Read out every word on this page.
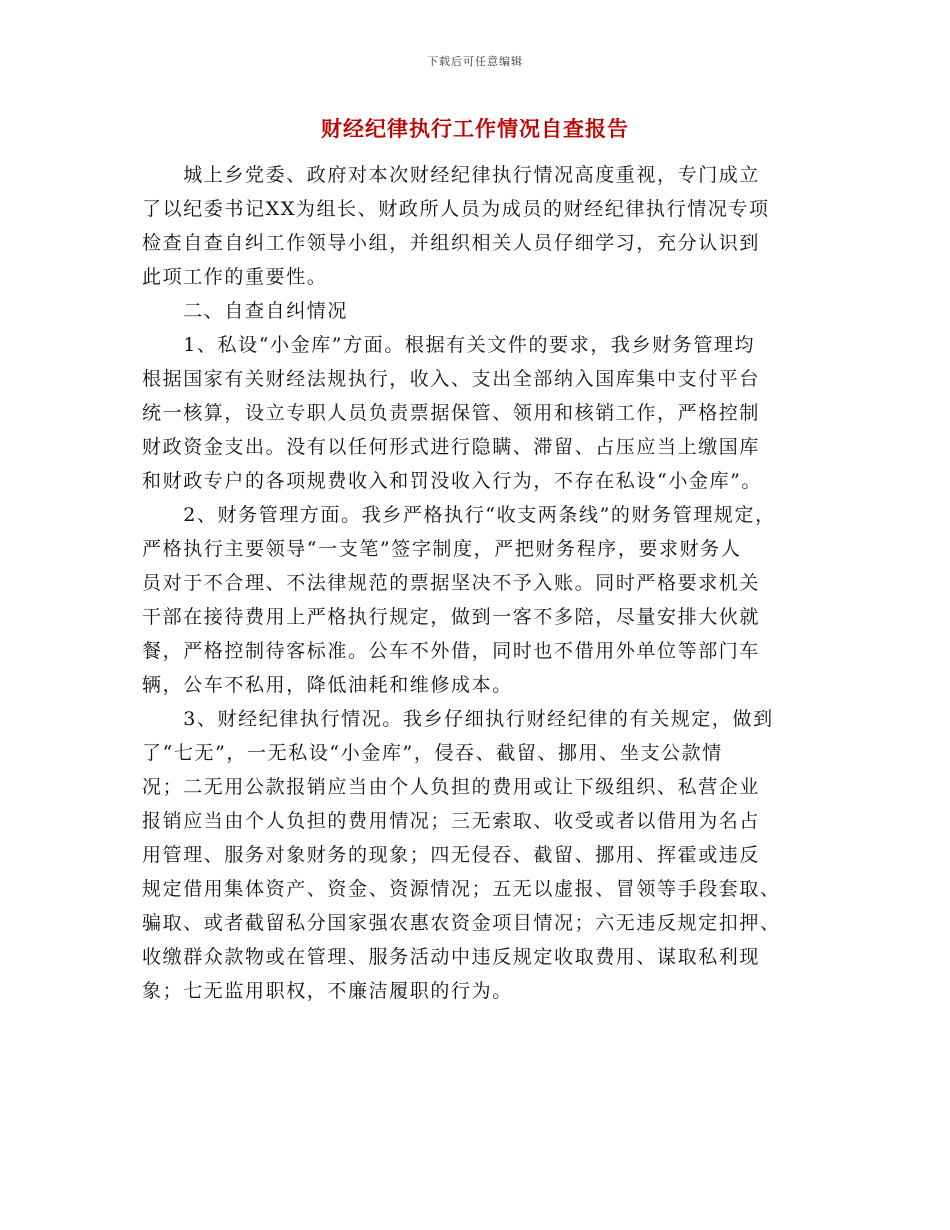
下载后可任意编辑
财经纪律执行工作情况自查报告
　　城上乡党委、政府对本次财经纪律执行情况高度重视，专门成立
了以纪委书记XX为组长、财政所人员为成员的财经纪律执行情况专项
检查自查自纠工作领导小组，并组织相关人员仔细学习，充分认识到
此项工作的重要性。
　　二、自查自纠情况
　　1、私设“小金库”方面。根据有关文件的要求，我乡财务管理均
根据国家有关财经法规执行，收入、支出全部纳入国库集中支付平台
统一核算，设立专职人员负责票据保管、领用和核销工作，严格控制
财政资金支出。没有以任何形式进行隐瞒、滞留、占压应当上缴国库
和财政专户的各项规费收入和罚没收入行为，不存在私设“小金库”。
　　2、财务管理方面。我乡严格执行“收支两条线”的财务管理规定，
严格执行主要领导“一支笔”签字制度，严把财务程序，要求财务人
员对于不合理、不法律规范的票据坚决不予入账。同时严格要求机关
干部在接待费用上严格执行规定，做到一客不多陪，尽量安排大伙就
餐，严格控制待客标准。公车不外借，同时也不借用外单位等部门车
辆，公车不私用，降低油耗和维修成本。
　　3、财经纪律执行情况。我乡仔细执行财经纪律的有关规定，做到
了“七无”，一无私设“小金库”，侵吞、截留、挪用、坐支公款情
况；二无用公款报销应当由个人负担的费用或让下级组织、私营企业
报销应当由个人负担的费用情况；三无索取、收受或者以借用为名占
用管理、服务对象财务的现象；四无侵吞、截留、挪用、挥霍或违反
规定借用集体资产、资金、资源情况；五无以虚报、冒领等手段套取、
骗取、或者截留私分国家强农惠农资金项目情况；六无违反规定扣押、
收缴群众款物或在管理、服务活动中违反规定收取费用、谋取私利现
象；七无监用职权，不廉洁履职的行为。
